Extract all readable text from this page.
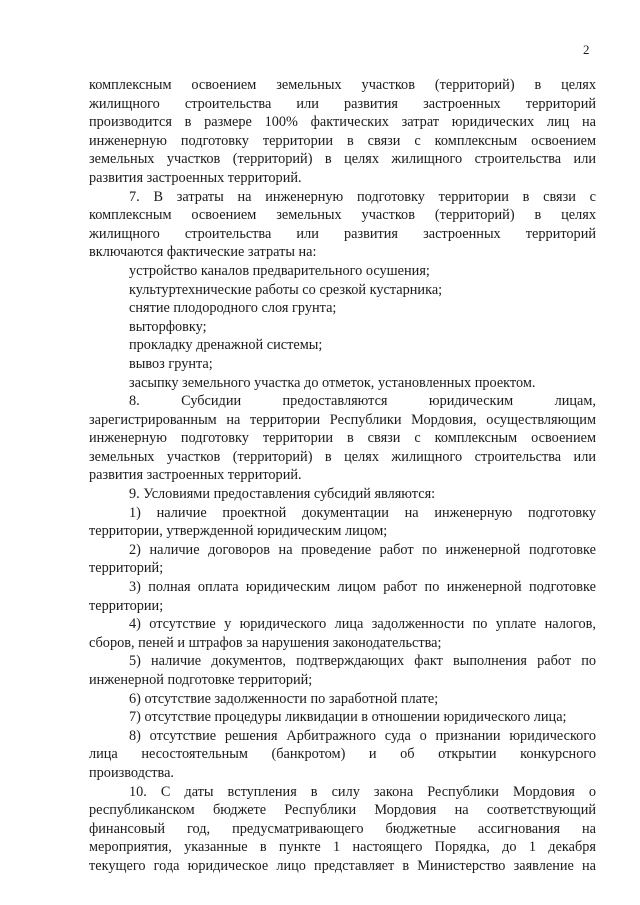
2
комплексным освоением земельных участков (территорий) в целях
жилищного строительства или развития застроенных территорий
производится в размере 100% фактических затрат юридических лиц на
инженерную подготовку территории в связи с комплексным освоением
земельных участков (территорий) в целях жилищного строительства или
развития застроенных территорий.
7. В затраты на инженерную подготовку территории в связи с
комплексным освоением земельных участков (территорий) в целях
жилищного строительства или развития застроенных территорий
включаются фактические затраты на:
устройство каналов предварительного осушения;
культуртехнические работы со срезкой кустарника;
снятие плодородного слоя грунта;
выторфовку;
прокладку дренажной системы;
вывоз грунта;
засыпку земельного участка до отметок, установленных проектом.
8. Субсидии предоставляются юридическим лицам,
зарегистрированным на территории Республики Мордовия, осуществляющим
инженерную подготовку территории в связи с комплексным освоением
земельных участков (территорий) в целях жилищного строительства или
развития застроенных территорий.
9. Условиями предоставления субсидий являются:
1) наличие проектной документации на инженерную подготовку
территории, утвержденной юридическим лицом;
2) наличие договоров на проведение работ по инженерной подготовке
территорий;
3) полная оплата юридическим лицом работ по инженерной подготовке
территории;
4) отсутствие у юридического лица задолженности по уплате налогов,
сборов, пеней и штрафов за нарушения законодательства;
5) наличие документов, подтверждающих факт выполнения работ по
инженерной подготовке территорий;
6) отсутствие задолженности по заработной плате;
7) отсутствие процедуры ликвидации в отношении юридического лица;
8) отсутствие решения Арбитражного суда о признании юридического
лица несостоятельным (банкротом) и об открытии конкурсного
производства.
10. С даты вступления в силу закона Республики Мордовия о
республиканском бюджете Республики Мордовия на соответствующий
финансовый год, предусматривающего бюджетные ассигнования на
мероприятия, указанные в пункте 1 настоящего Порядка, до 1 декабря
текущего года юридическое лицо представляет в Министерство заявление на
